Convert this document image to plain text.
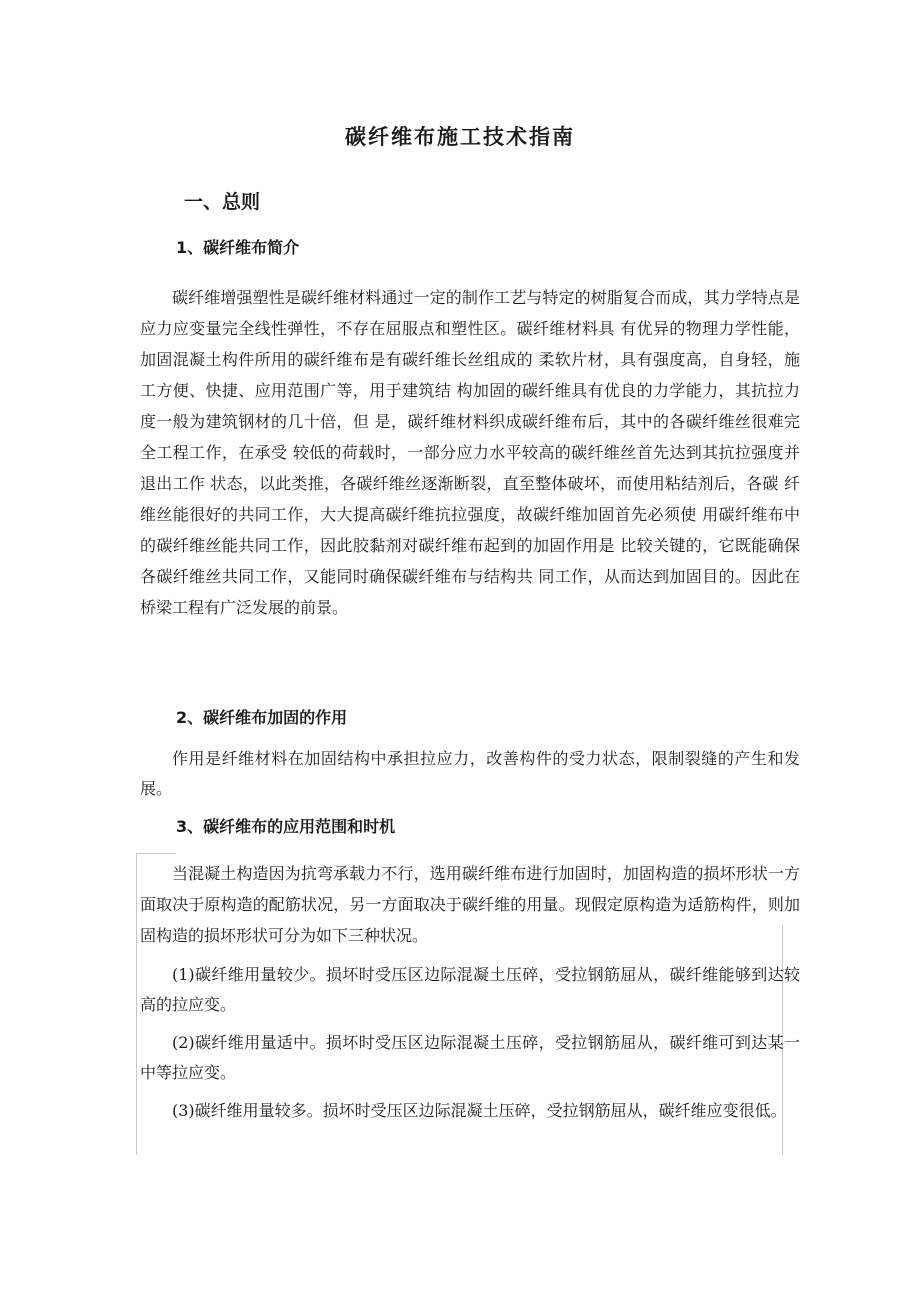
碳纤维布施工技术指南
一、总则
1、碳纤维布简介

碳纤维增强塑性是碳纤维材料通过一定的制作工艺与特定的树脂复合而成，其力学特点是应力应变量完全线性弹性，不存在屈服点和塑性区。碳纤维材料具 有优异的物理力学性能，加固混凝土构件所用的碳纤维布是有碳纤维长丝组成的 柔软片材，具有强度高，自身轻，施工方便、快捷、应用范围广等，用于建筑结 构加固的碳纤维具有优良的力学能力，其抗拉力度一般为建筑钢材的几十倍，但 是，碳纤维材料织成碳纤维布后，其中的各碳纤维丝很难完全工程工作，在承受 较低的荷载时，一部分应力水平较高的碳纤维丝首先达到其抗拉强度并退出工作 状态，以此类推，各碳纤维丝逐渐断裂，直至整体破坏，而使用粘结剂后，各碳 纤维丝能很好的共同工作，大大提高碳纤维抗拉强度，故碳纤维加固首先必须使 用碳纤维布中的碳纤维丝能共同工作，因此胶黏剂对碳纤维布起到的加固作用是 比较关键的，它既能确保各碳纤维丝共同工作，又能同时确保碳纤维布与结构共 同工作，从而达到加固目的。因此在桥梁工程有广泛发展的前景。

2、碳纤维布加固的作用

作用是纤维材料在加固结构中承担拉应力，改善构件的受力状态，限制裂缝的产生和发展。

3、碳纤维布的应用范围和时机

当混凝土构造因为抗弯承载力不行，选用碳纤维布进行加固时，加固构造的损坏形状一方面取决于原构造的配筋状况，另一方面取决于碳纤维的用量。现假定原构造为适筋构件，则加固构造的损坏形状可分为如下三种状况。

(1)碳纤维用量较少。损坏时受压区边际混凝土压碎，受拉钢筋屈从，碳纤维能够到达较高的拉应变。

(2)碳纤维用量适中。损坏时受压区边际混凝土压碎，受拉钢筋屈从，碳纤维可到达某一中等拉应变。

(3)碳纤维用量较多。损坏时受压区边际混凝土压碎，受拉钢筋屈从，碳纤维应变很低。
